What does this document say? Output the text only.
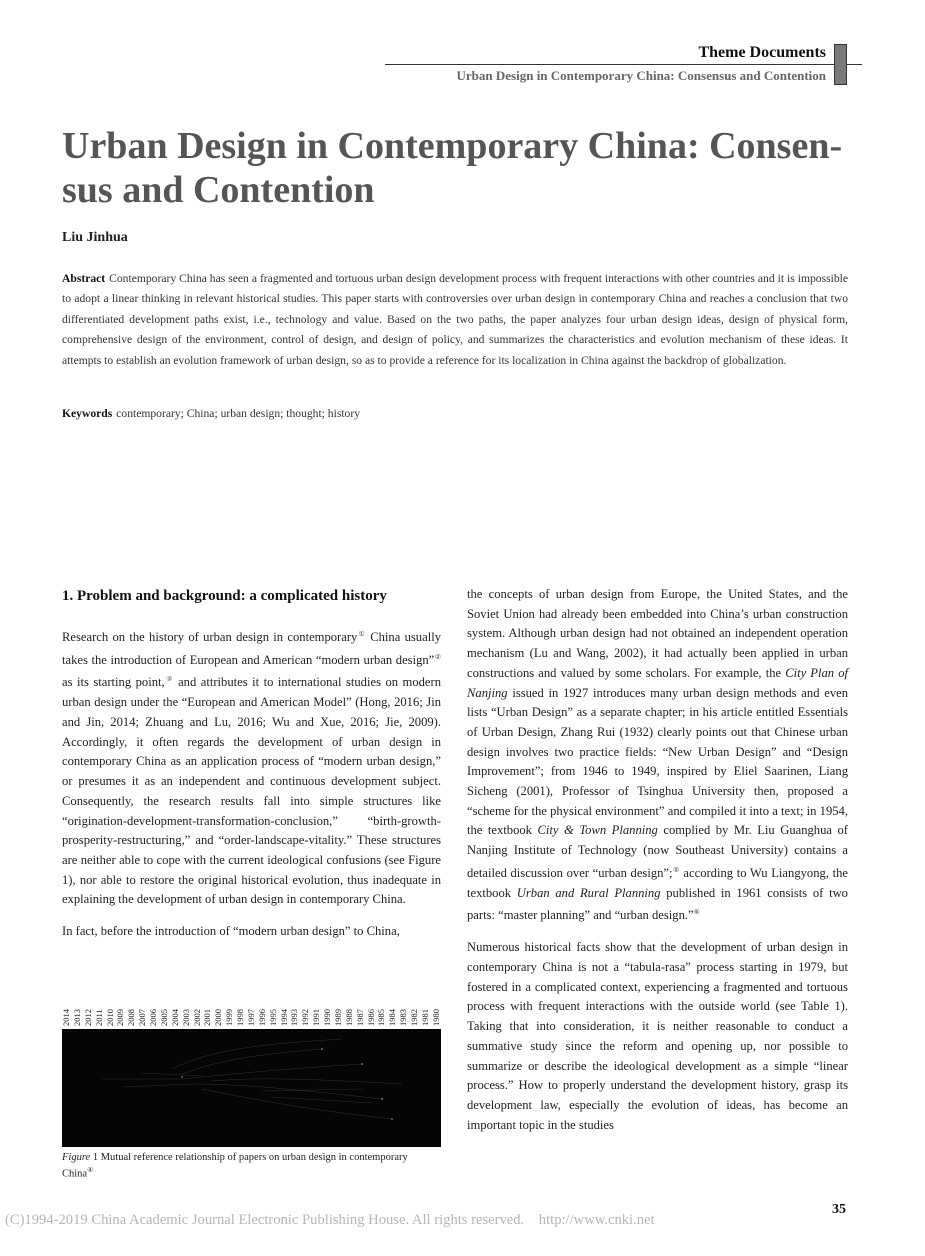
Theme Documents
Urban Design in Contemporary China: Consensus and Contention
Urban Design in Contemporary China: Consen-sus and Contention
Liu Jinhua
Abstract Contemporary China has seen a fragmented and tortuous urban design development process with frequent interactions with other countries and it is impossible to adopt a linear thinking in relevant historical studies. This paper starts with controversies over urban design in contemporary China and reaches a conclusion that two differentiated development paths exist, i.e., technology and value. Based on the two paths, the paper analyzes four urban design ideas, design of physical form, comprehensive design of the environment, control of design, and design of policy, and summarizes the characteristics and evolution mechanism of these ideas. It attempts to establish an evolution framework of urban design, so as to provide a reference for its localization in China against the backdrop of globalization.
Keywords contemporary; China; urban design; thought; history

1. Problem and background: a complicated history

Research on the history of urban design in contemporary① China usually takes the introduction of European and American “modern urban design”② as its starting point,③ and attributes it to international studies on modern urban design under the “European and American Model” (Hong, 2016; Jin and Jin, 2014; Zhuang and Lu, 2016; Wu and Xue, 2016; Jie, 2009). Accordingly, it often regards the development of urban design in contemporary China as an application process of “modern urban design,” or presumes it as an independent and continuous development subject. Consequently, the research results fall into simple structures like “origination-development-transformation-conclusion,” “birth-growth-prosperity-restructuring,” and “order-landscape-vitality.” These structures are neither able to cope with the current ideological confusions (see Figure 1), nor able to restore the original historical evolution, thus inadequate in explaining the development of urban design in contemporary China.

In fact, before the introduction of “modern urban design” to China,

2014 2013 2012 2011 2010 2009 2008 2007 2006 2005 2004 2003 2002 2001 2000 1999 1998 1997 1996 1995 1994 1993 1992 1991 1990 1989 1988 1987 1986 1985 1984 1983 1982 1981 1980
Figure 1 Mutual reference relationship of papers on urban design in contemporary China④

the concepts of urban design from Europe, the United States, and the Soviet Union had already been embedded into China’s urban construction system. Although urban design had not obtained an independent operation mechanism (Lu and Wang, 2002), it had actually been applied in urban constructions and valued by some scholars. For example, the City Plan of Nanjing issued in 1927 introduces many urban design methods and even lists “Urban Design” as a separate chapter; in his article entitled Essentials of Urban Design, Zhang Rui (1932) clearly points out that Chinese urban design involves two practice fields: “New Urban Design” and “Design Improvement”; from 1946 to 1949, inspired by Eliel Saarinen, Liang Sicheng (2001), Professor of Tsinghua University then, proposed a “scheme for the physical environment” and compiled it into a text; in 1954, the textbook City & Town Planning complied by Mr. Liu Guanghua of Nanjing Institute of Technology (now Southeast University) contains a detailed discussion over “urban design”;⑤ according to Wu Liangyong, the textbook Urban and Rural Planning published in 1961 consists of two parts: “master planning” and “urban design.”⑥

Numerous historical facts show that the development of urban design in contemporary China is not a “tabula-rasa” process starting in 1979, but fostered in a complicated context, experiencing a fragmented and tortuous process with frequent interactions with the outside world (see Table 1). Taking that into consideration, it is neither reasonable to conduct a summative study since the reform and opening up, nor possible to summarize or describe the ideological development as a simple “linear process.” How to properly understand the development history, grasp its development law, especially the evolution of ideas, has become an important topic in the studies

35
(C)1994-2019 China Academic Journal Electronic Publishing House. All rights reserved.    http://www.cnki.net
